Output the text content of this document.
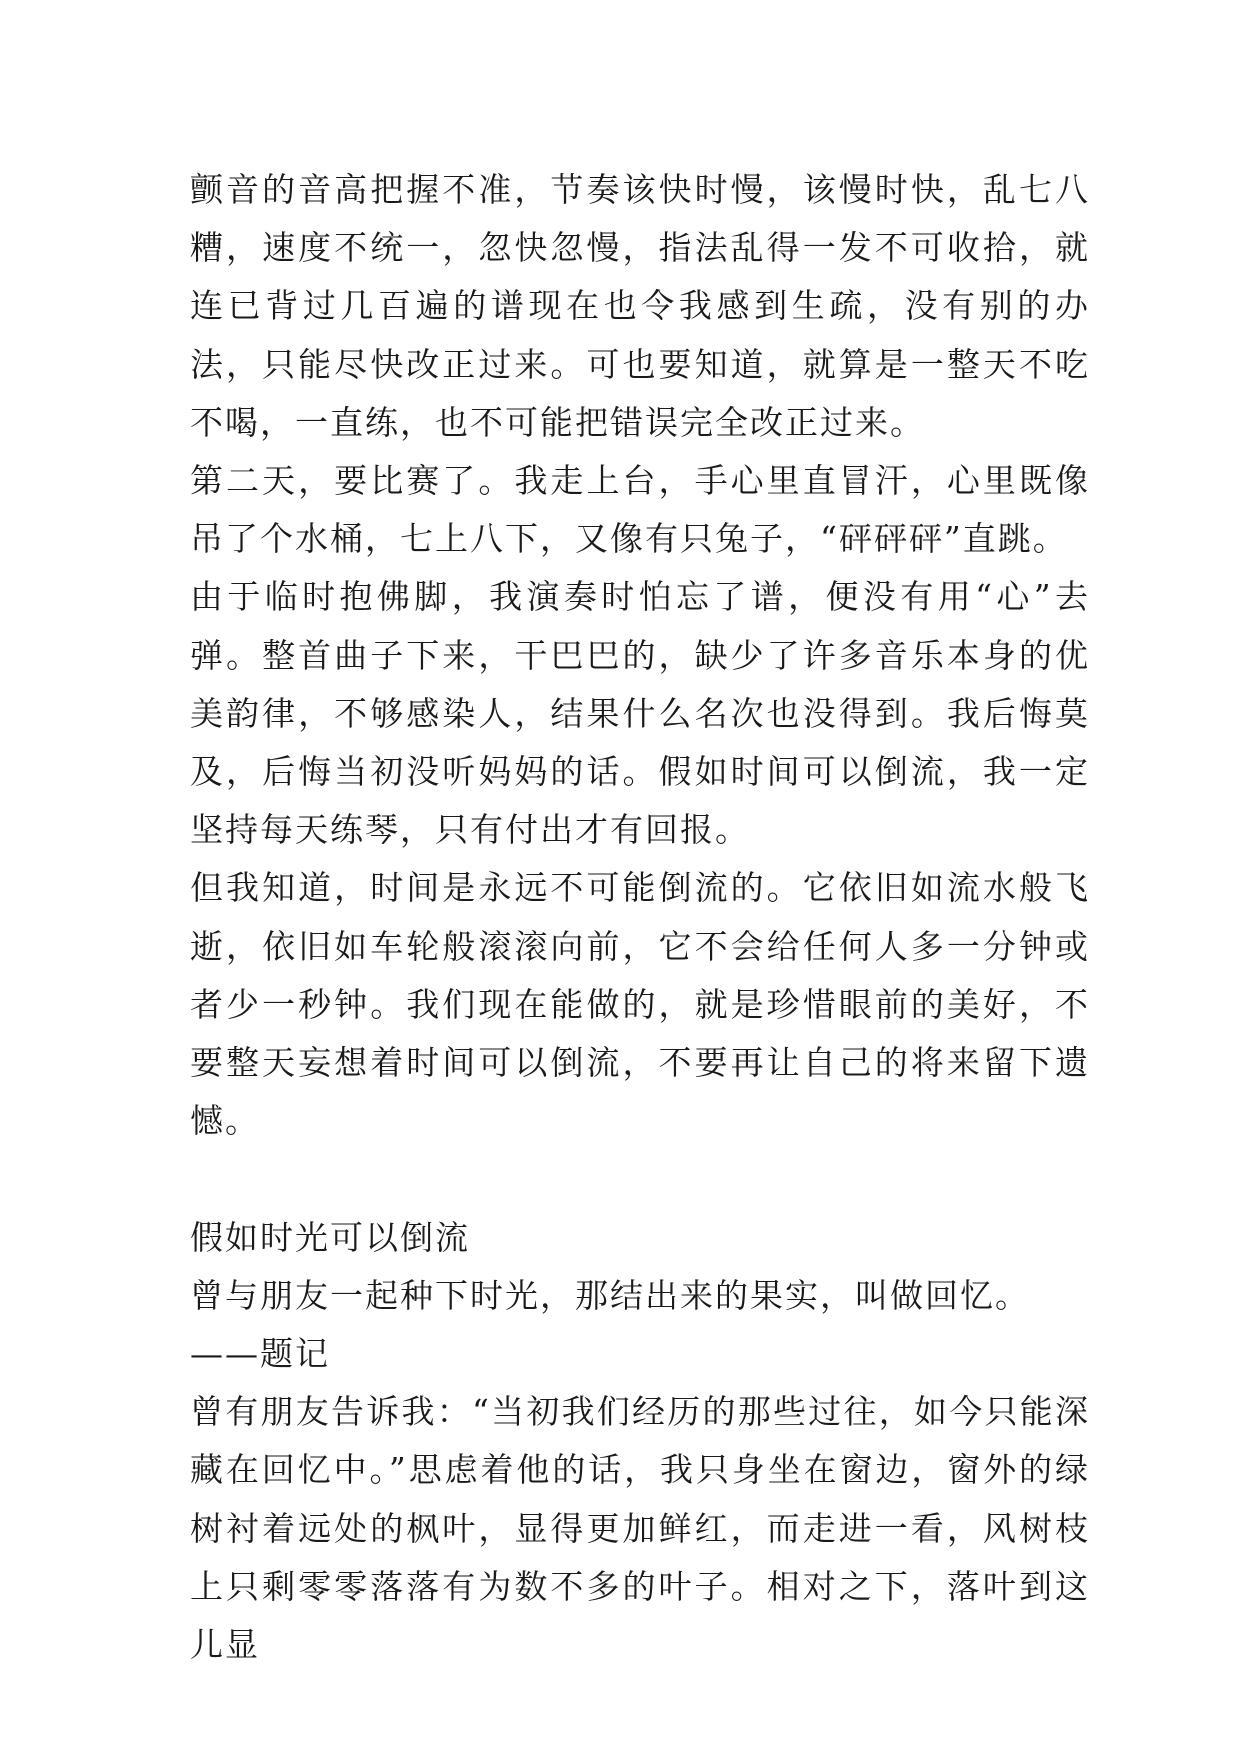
颤音的音高把握不准，节奏该快时慢，该慢时快，乱七八糟，速度不统一，忽快忽慢，指法乱得一发不可收拾，就连已背过几百遍的谱现在也令我感到生疏，没有别的办法，只能尽快改正过来。可也要知道，就算是一整天不吃不喝，一直练，也不可能把错误完全改正过来。

第二天，要比赛了。我走上台，手心里直冒汗，心里既像吊了个水桶，七上八下，又像有只兔子，“砰砰砰”直跳。

由于临时抱佛脚，我演奏时怕忘了谱，便没有用“心”去弹。整首曲子下来，干巴巴的，缺少了许多音乐本身的优美韵律，不够感染人，结果什么名次也没得到。我后悔莫及，后悔当初没听妈妈的话。假如时间可以倒流，我一定坚持每天练琴，只有付出才有回报。

但我知道，时间是永远不可能倒流的。它依旧如流水般飞逝，依旧如车轮般滚滚向前，它不会给任何人多一分钟或者少一秒钟。我们现在能做的，就是珍惜眼前的美好，不要整天妄想着时间可以倒流，不要再让自己的将来留下遗憾。

假如时光可以倒流

曾与朋友一起种下时光，那结出来的果实，叫做回忆。

——题记

曾有朋友告诉我：“当初我们经历的那些过往，如今只能深藏在回忆中。”思虑着他的话，我只身坐在窗边，窗外的绿树衬着远处的枫叶，显得更加鲜红，而走进一看，风树枝上只剩零零落落有为数不多的叶子。相对之下，落叶到这儿显
